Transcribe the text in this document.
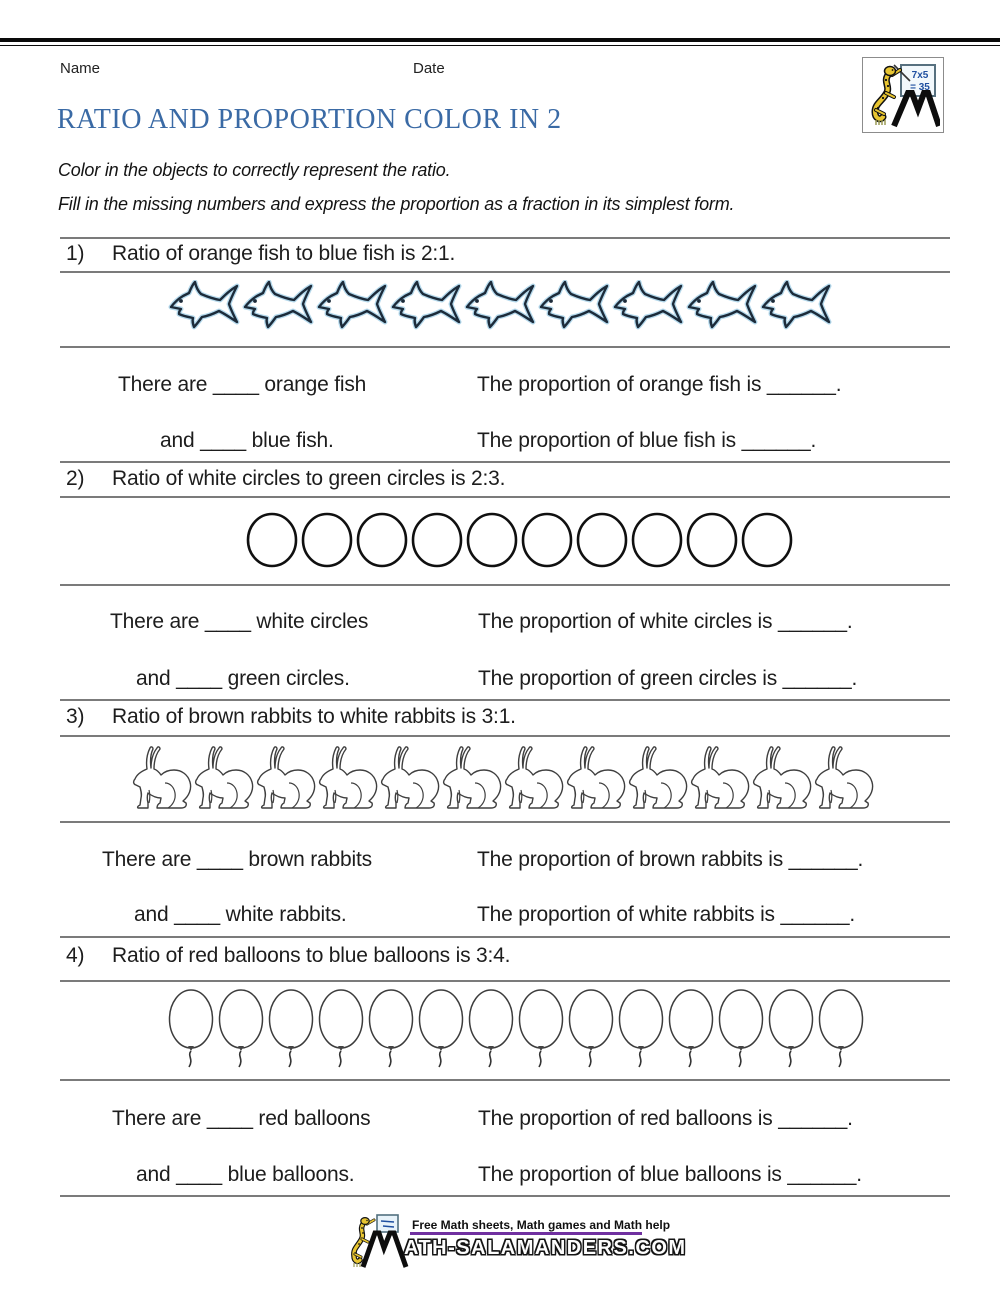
Name	Date	7x5
= 35
RATIO AND PROPORTION COLOR IN 2

Color in the objects to correctly represent the ratio.

Fill in the missing numbers and express the proportion as a fraction in its simplest form.

1) Ratio of orange fish to blue fish is 2:1.
There are ____ orange fish	The proportion of orange fish is ______.
and ____ blue fish.	The proportion of blue fish is ______.
2) Ratio of white circles to green circles is 2:3.
There are ____ white circles	The proportion of white circles is ______.
and ____ green circles.	The proportion of green circles is ______.
3) Ratio of brown rabbits to white rabbits is 3:1.
There are ____ brown rabbits	The proportion of brown rabbits is ______.
and ____ white rabbits.	The proportion of white rabbits is ______.
4) Ratio of red balloons to blue balloons is 3:4.
There are ____ red balloons	The proportion of red balloons is ______.
and ____ blue balloons.	The proportion of blue balloons is ______.
Free Math sheets, Math games and Math help
ATH-SALAMANDERS.COM
